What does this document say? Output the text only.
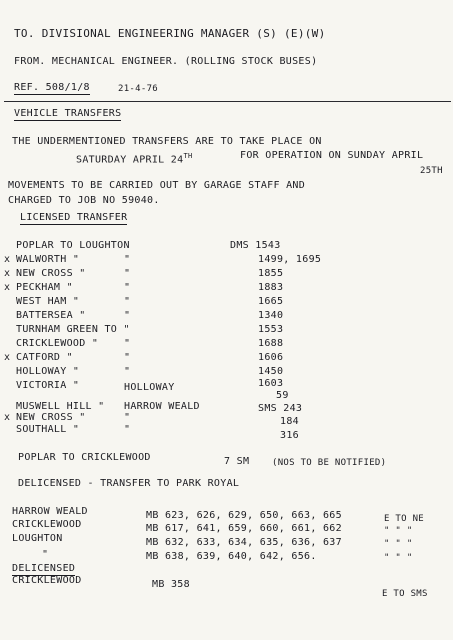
TO. DIVISIONAL ENGINEERING MANAGER (S) (E)(W)
FROM. MECHANICAL ENGINEER. (ROLLING STOCK BUSES)
REF. 508/1/8	21-4-76
VEHICLE TRANSFERS
THE UNDERMENTIONED TRANSFERS ARE TO TAKE PLACE ON
SATURDAY APRIL 24TH	FOR OPERATION ON SUNDAY APRIL
25TH
MOVEMENTS TO BE CARRIED OUT BY GARAGE STAFF AND
CHARGED TO JOB NO 59040.
LICENSED TRANSFER
POPLAR TO LOUGHTON	DMS 1543
x WALWORTH "	"	1499, 1695
x NEW CROSS "	"	1855
x PECKHAM "	"	1883
WEST HAM "	"	1665
BATTERSEA "	"	1340
TURNHAM GREEN TO "	1553
CRICKLEWOOD "	"	1688
x CATFORD "	"	1606
HOLLOWAY "	"	1450
VICTORIA "	HOLLOWAY	1603
59
MUSWELL HILL " HARROW WEALD	SMS 243
x NEW CROSS "	"	184
SOUTHALL "	"
316
POPLAR TO CRICKLEWOOD	7 SM	(NOS TO BE NOTIFIED)
DELICENSED - TRANSFER TO PARK ROYAL
HARROW WEALD	MB 623, 626, 629, 650, 663, 665	E TO NE
CRICKLEWOOD	MB 617, 641, 659, 660, 661, 662	" " "
LOUGHTON	MB 632, 633, 634, 635, 636, 637	" " "
"	MB 638, 639, 640, 642, 656.	" " "
DELICENSED
CRICKLEWOOD	MB 358
E TO SMS
